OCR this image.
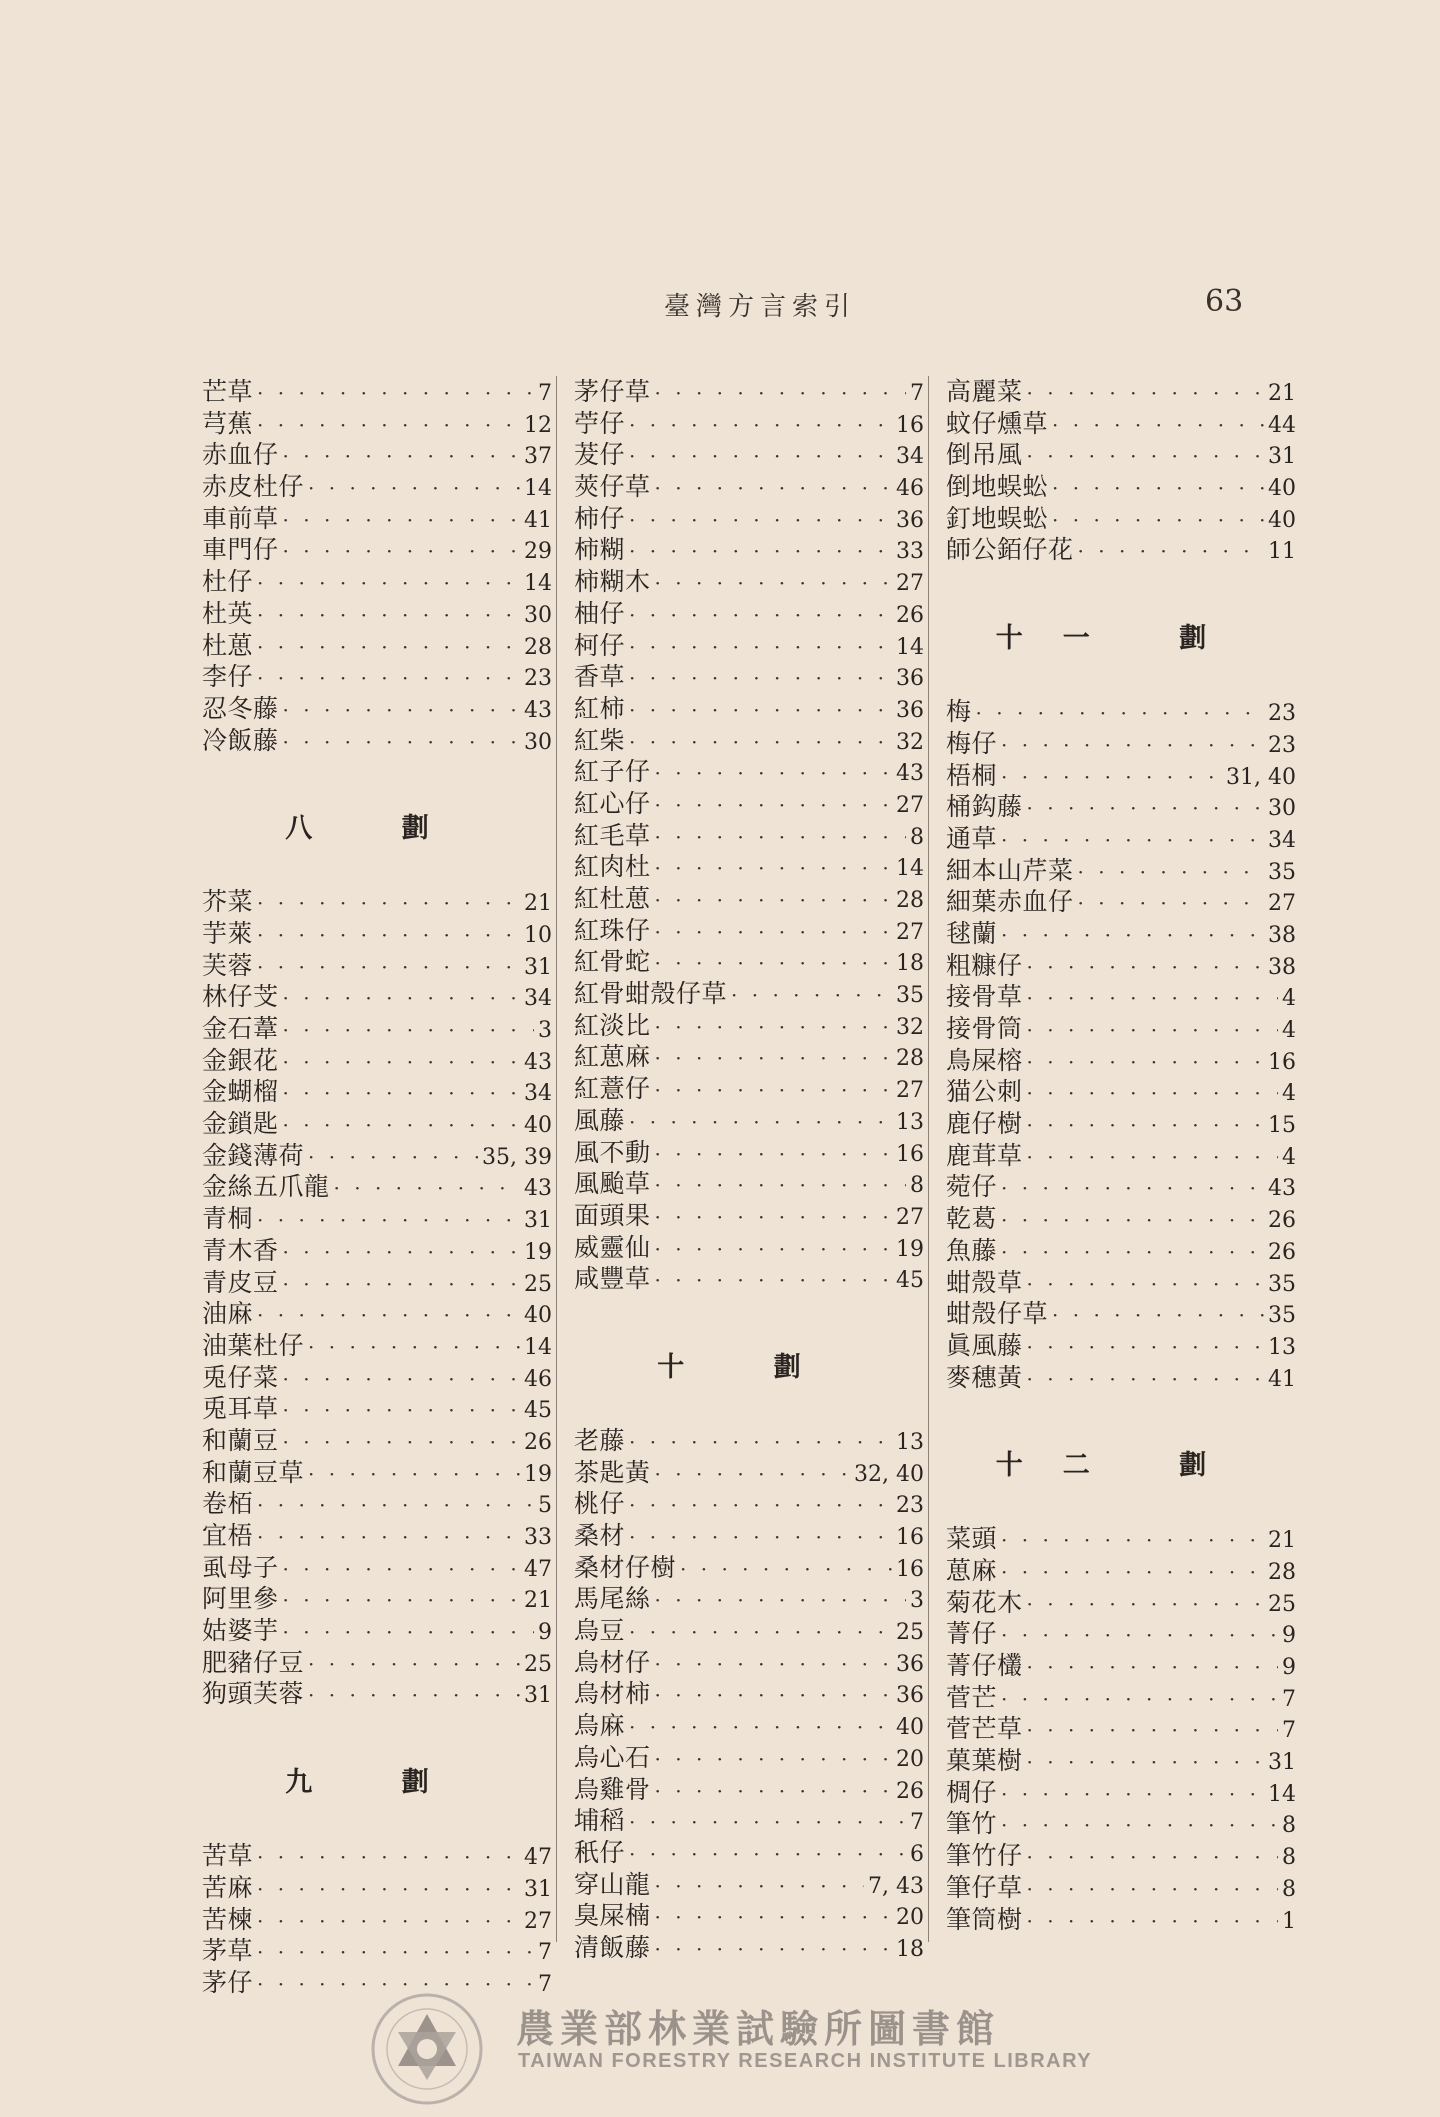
臺灣方言索引	63
芒草 · · ·	7
芎蕉 · · ·	12
赤血仔 · · ·	37
赤皮杜仔 · · ·	14
車前草 · · ·	41
車門仔 · · ·	29
杜仔 · · ·	14
杜英 · · ·	30
杜葸 · · ·	28
李仔 · · ·	23
忍冬藤 · · ·	43
冷飯藤 · · ·	30
八 劃
芥菜 · · ·	21
芋萊 · · ·	10
芙蓉 · · ·	31
林仔芠 · · ·	34
金石葦 · · ·	3
金銀花 · · ·	43
金蝴榴 · · ·	34
金鎖匙 · · ·	40
金錢薄荷 · · ·	35, 39
金絲五爪龍 · · ·	43
青桐 · · ·	31
青木香 · · ·	19
青皮豆 · · ·	25
油麻 · · ·	40
油葉杜仔 · · ·	14
兎仔菜 · · ·	46
兎耳草 · · ·	45
和蘭豆 · · ·	26
和蘭豆草 · · ·	19
卷栢 · · ·	5
宜梧 · · ·	33
虱母子 · · ·	47
阿里參 · · ·	21
姑婆芋 · · ·	9
肥豬仔豆 · · ·	25
狗頭芙蓉 · · ·	31
九 劃
苦草 · · ·	47
苦麻 · · ·	31
苦楝 · · ·	27
茅草 · · ·	7
茅仔 · · ·	7
茅仔草 · · ·	7
苧仔 · · ·	16
茇仔 · · ·	34
莢仔草 · · ·	46
柿仔 · · ·	36
柿糊 · · ·	33
柿糊木 · · ·	27
柚仔 · · ·	26
柯仔 · · ·	14
香草 · · ·	36
紅柿 · · ·	36
紅柴 · · ·	32
紅子仔 · · ·	43
紅心仔 · · ·	27
紅毛草 · · ·	8
紅肉杜 · · ·	14
紅杜葸 · · ·	28
紅珠仔 · · ·	27
紅骨蛇 · · ·	18
紅骨蚶殼仔草 · · ·	35
紅淡比 · · ·	32
紅葸麻 · · ·	28
紅薏仔 · · ·	27
風藤 · · ·	13
風不動 · · ·	16
風颱草 · · ·	8
面頭果 · · ·	27
威靈仙 · · ·	19
咸豐草 · · ·	45
十 劃
老藤 · · ·	13
茶匙黃 · · ·	32, 40
桃仔 · · ·	23
桑材 · · ·	16
桑材仔樹 · · ·	16
馬尾絲 · · ·	3
烏豆 · · ·	25
烏材仔 · · ·	36
烏材柿 · · ·	36
烏麻 · · ·	40
烏心石 · · ·	20
烏雞骨 · · ·	26
埔稻 · · ·	7
秖仔 · · ·	6
穿山龍 · · ·	7, 43
臭屎楠 · · ·	20
清飯藤 · · ·	18
高麗菜 · · ·	21
蚊仔燻草 · · ·	44
倒吊風 · · ·	31
倒地蜈蚣 · · ·	40
釘地蜈蚣 · · ·	40
師公銆仔花 · · ·	11
十一 劃
梅 · · ·	23
梅仔 · · ·	23
梧桐 · · ·	31, 40
桶鈎藤 · · ·	30
通草 · · ·	34
細本山芹菜 · · ·	35
細葉赤血仔 · · ·	27
毬蘭 · · ·	38
粗糠仔 · · ·	38
接骨草 · · ·	4
接骨筒 · · ·	4
鳥屎榕 · · ·	16
猫公刺 · · ·	4
鹿仔樹 · · ·	15
鹿茸草 · · ·	4
菀仔 · · ·	43
乾葛 · · ·	26
魚藤 · · ·	26
蚶殼草 · · ·	35
蚶殼仔草 · · ·	35
眞風藤 · · ·	13
麥穗黃 · · ·	41
十二 劃
菜頭 · · ·	21
葸麻 · · ·	28
菊花木 · · ·	25
菁仔 · · ·	9
菁仔欉 · · ·	9
菅芒 · · ·	7
菅芒草 · · ·	7
菓葉樹 · · ·	31
椆仔 · · ·	14
筆竹 · · ·	8
筆竹仔 · · ·	8
筆仔草 · · ·	8
筆筒樹 · · ·	1
農業部林業試驗所圖書館
TAIWAN FORESTRY RESEARCH INSTITUTE LIBRARY
